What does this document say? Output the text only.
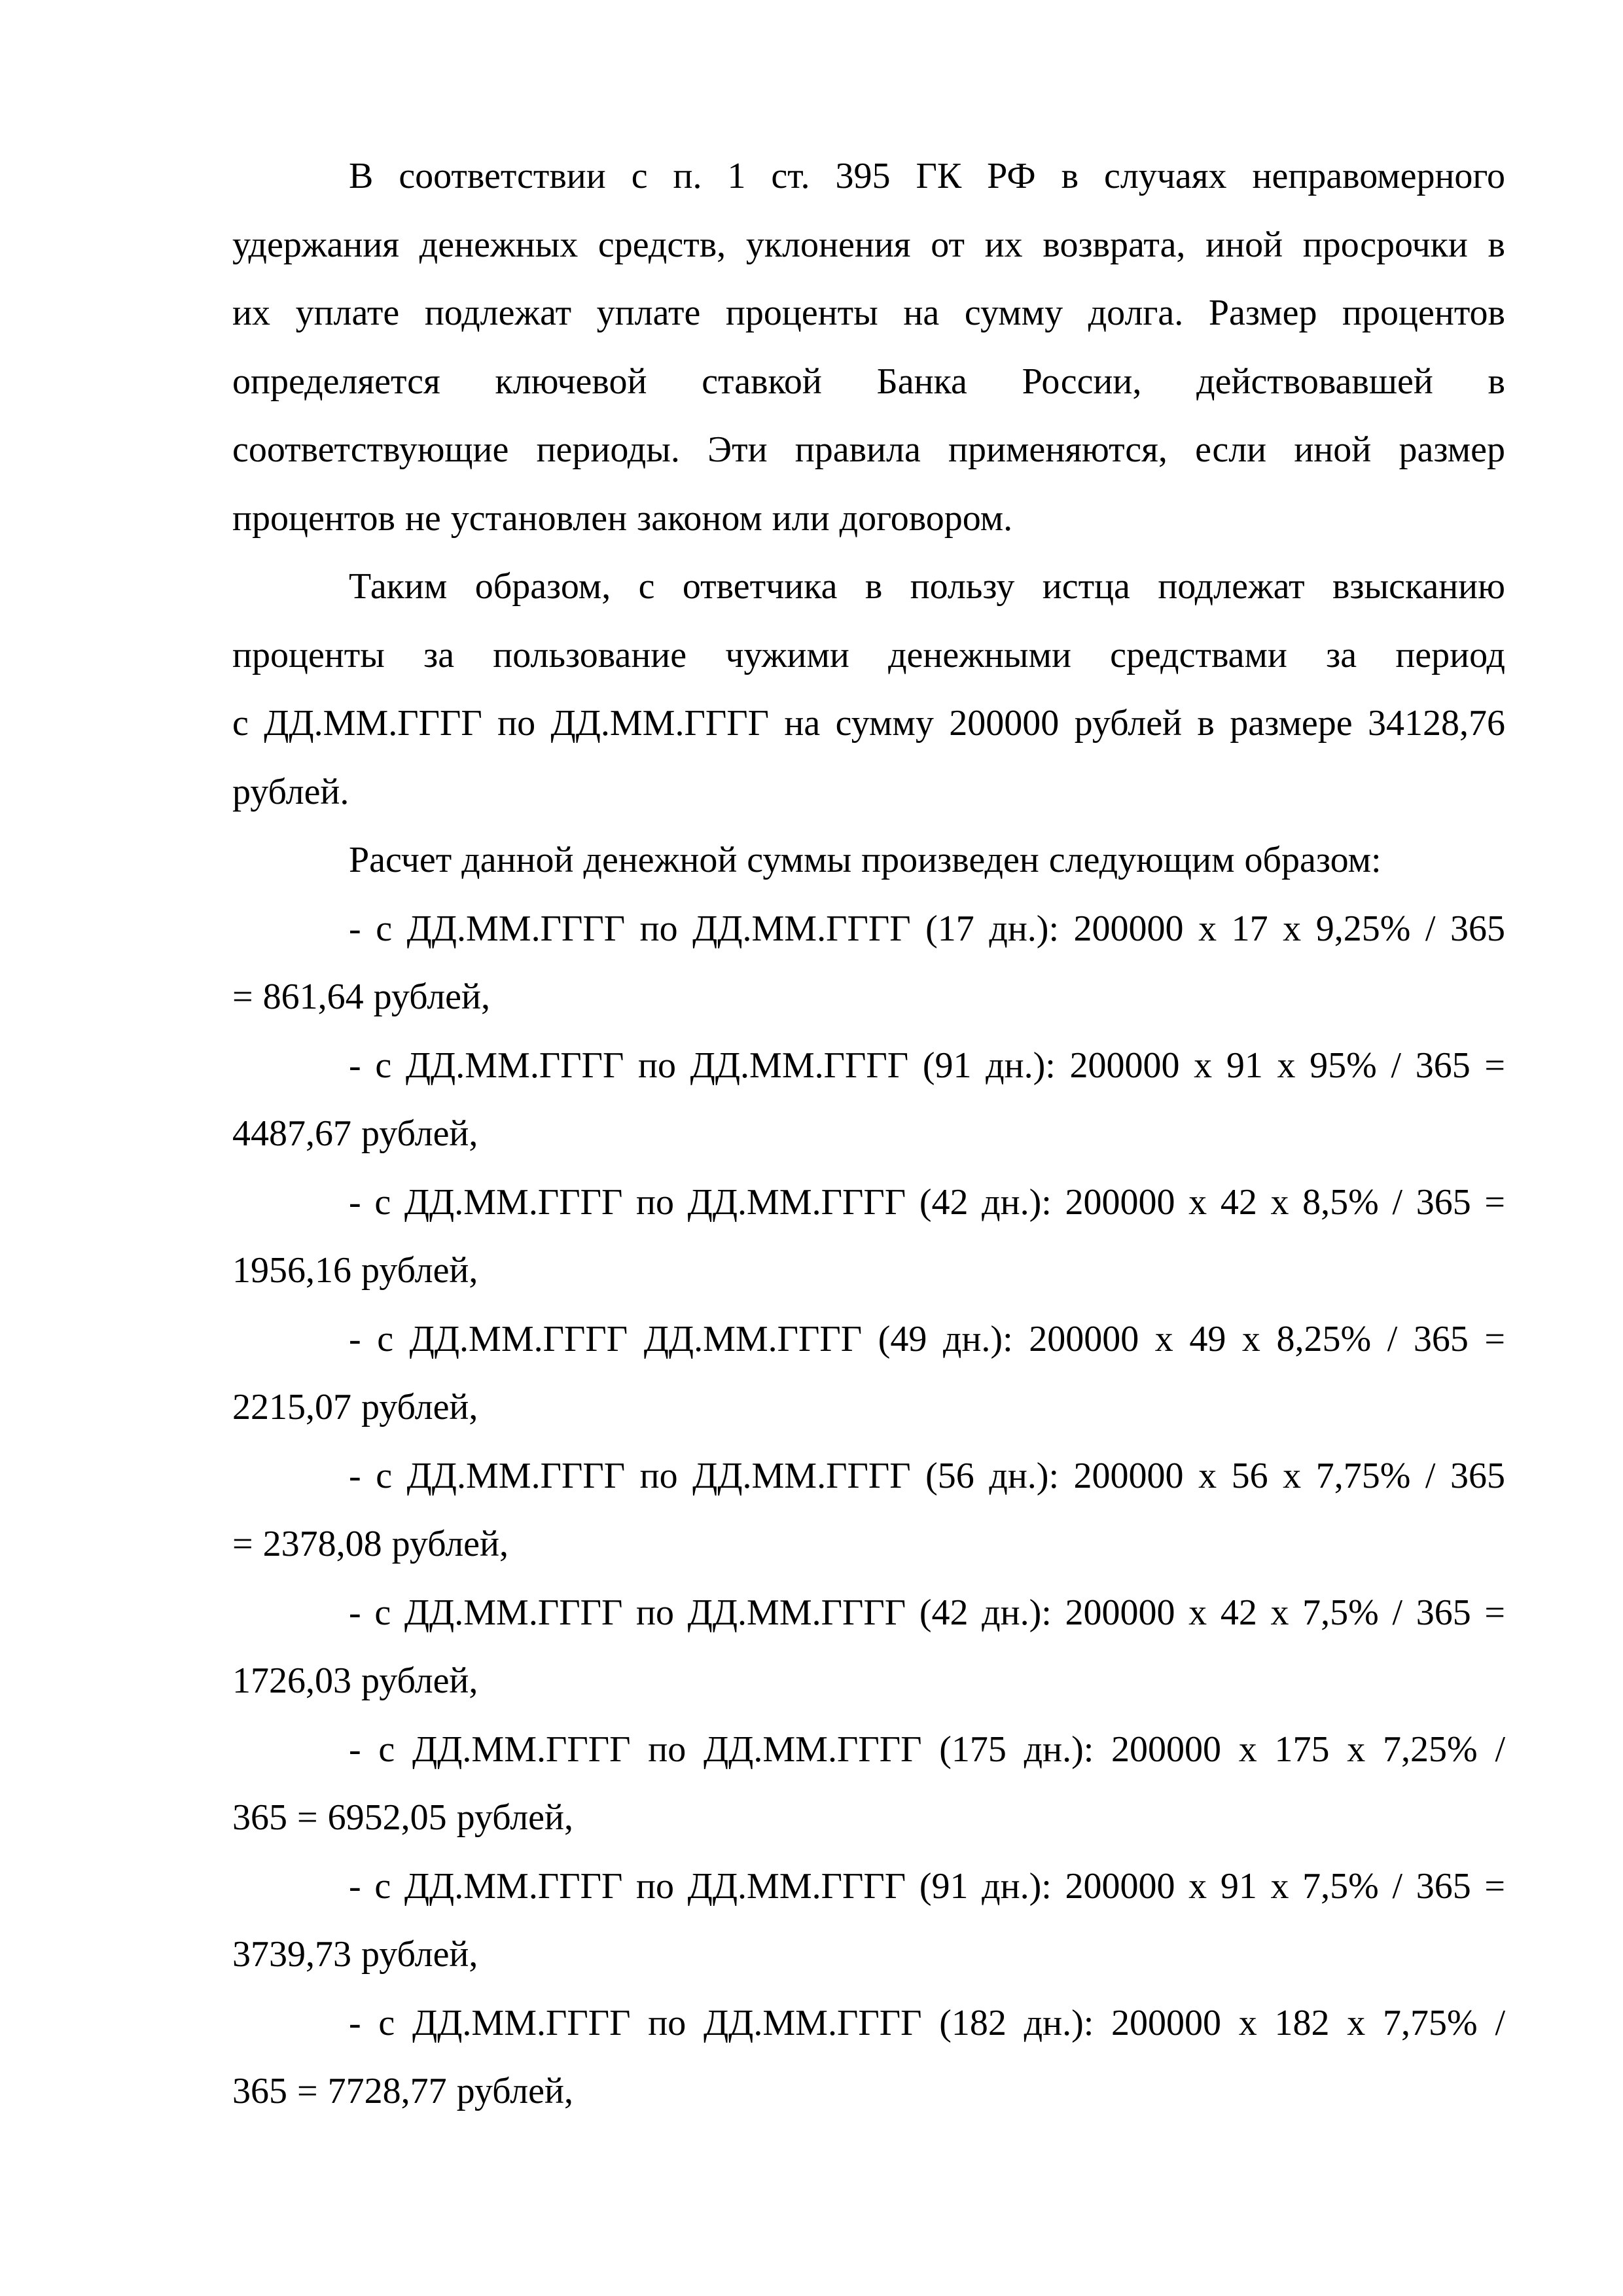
В соответствии с п. 1 ст. 395 ГК РФ в случаях неправомерного
удержания денежных средств, уклонения от их возврата, иной просрочки в
их уплате подлежат уплате проценты на сумму долга. Размер процентов
определяется ключевой ставкой Банка России, действовавшей в
соответствующие периоды. Эти правила применяются, если иной размер
процентов не установлен законом или договором.
Таким образом, с ответчика в пользу истца подлежат взысканию
проценты за пользование чужими денежными средствами за период
с ДД.ММ.ГГГГ по ДД.ММ.ГГГГ на сумму 200000 рублей в размере 34128,76
рублей.
Расчет данной денежной суммы произведен следующим образом:
- с ДД.ММ.ГГГГ по ДД.ММ.ГГГГ (17 дн.): 200000 х 17 х 9,25% / 365
= 861,64 рублей,
- с ДД.ММ.ГГГГ по ДД.ММ.ГГГГ (91 дн.): 200000 х 91 х 95% / 365 =
4487,67 рублей,
- с ДД.ММ.ГГГГ по ДД.ММ.ГГГГ (42 дн.): 200000 х 42 х 8,5% / 365 =
1956,16 рублей,
- с ДД.ММ.ГГГГ ДД.ММ.ГГГГ (49 дн.): 200000 х 49 х 8,25% / 365 =
2215,07 рублей,
- с ДД.ММ.ГГГГ по ДД.ММ.ГГГГ (56 дн.): 200000 х 56 х 7,75% / 365
= 2378,08 рублей,
- с ДД.ММ.ГГГГ по ДД.ММ.ГГГГ (42 дн.): 200000 х 42 х 7,5% / 365 =
1726,03 рублей,
- с ДД.ММ.ГГГГ по ДД.ММ.ГГГГ (175 дн.): 200000 х 175 х 7,25% /
365 = 6952,05 рублей,
- с ДД.ММ.ГГГГ по ДД.ММ.ГГГГ (91 дн.): 200000 х 91 х 7,5% / 365 =
3739,73 рублей,
- с ДД.ММ.ГГГГ по ДД.ММ.ГГГГ (182 дн.): 200000 х 182 х 7,75% /
365 = 7728,77 рублей,
